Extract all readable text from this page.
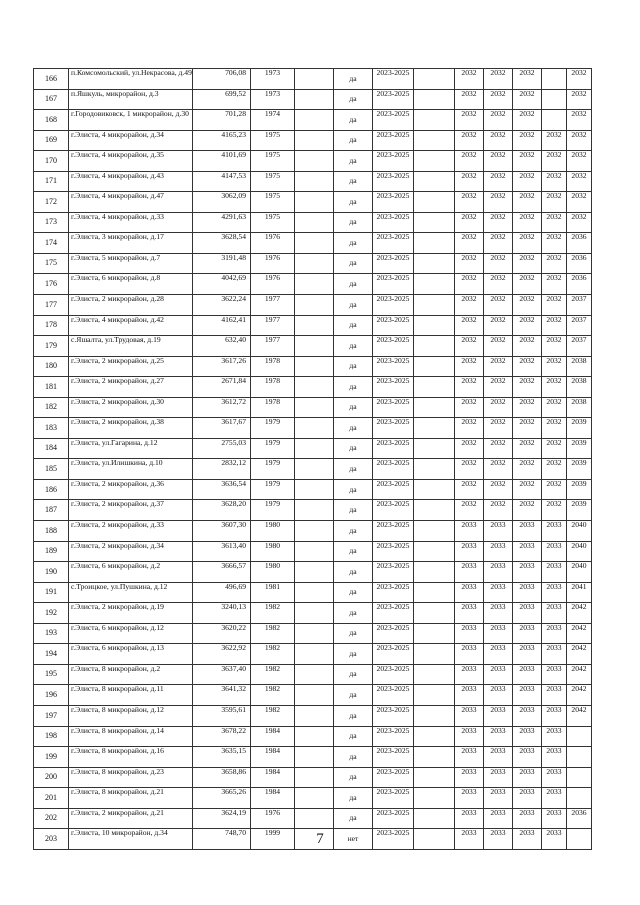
166	п.Комсомольский, ул.Некрасова, д.49	706,08	1973		да	2023-2025		2032	2032	2032		2032
167	п.Яшкуль, микрорайон, д.3	699,52	1973		да	2023-2025		2032	2032	2032		2032
168	г.Городовиковск, 1 микрорайон, д.30	701,28	1974		да	2023-2025		2032	2032	2032		2032
169	г.Элиста, 4 микрорайон, д.34	4165,23	1975		да	2023-2025		2032	2032	2032	2032	2032
170	г.Элиста, 4 микрорайон, д.35	4101,69	1975		да	2023-2025		2032	2032	2032	2032	2032
171	г.Элиста, 4 микрорайон, д.43	4147,53	1975		да	2023-2025		2032	2032	2032	2032	2032
172	г.Элиста, 4 микрорайон, д.47	3062,09	1975		да	2023-2025		2032	2032	2032	2032	2032
173	г.Элиста, 4 микрорайон, д.33	4291,63	1975		да	2023-2025		2032	2032	2032	2032	2032
174	г.Элиста, 3 микрорайон, д.17	3628,54	1976		да	2023-2025		2032	2032	2032	2032	2036
175	г.Элиста, 5 микрорайон, д.7	3191,48	1976		да	2023-2025		2032	2032	2032	2032	2036
176	г.Элиста, 6 микрорайон, д.8	4042,69	1976		да	2023-2025		2032	2032	2032	2032	2036
177	г.Элиста, 2 микрорайон, д.28	3622,24	1977		да	2023-2025		2032	2032	2032	2032	2037
178	г.Элиста, 4 микрорайон, д.42	4162,41	1977		да	2023-2025		2032	2032	2032	2032	2037
179	с.Яшалта, ул.Трудовая, д.19	632,40	1977		да	2023-2025		2032	2032	2032	2032	2037
180	г.Элиста, 2 микрорайон, д.25	3617,26	1978		да	2023-2025		2032	2032	2032	2032	2038
181	г.Элиста, 2 микрорайон, д.27	2671,84	1978		да	2023-2025		2032	2032	2032	2032	2038
182	г.Элиста, 2 микрорайон, д.30	3612,72	1978		да	2023-2025		2032	2032	2032	2032	2038
183	г.Элиста, 2 микрорайон, д.38	3617,67	1979		да	2023-2025		2032	2032	2032	2032	2039
184	г.Элиста, ул.Гагарина, д.12	2755,03	1979		да	2023-2025		2032	2032	2032	2032	2039
185	г.Элиста, ул.Илишкина, д.10	2832,12	1979		да	2023-2025		2032	2032	2032	2032	2039
186	г.Элиста, 2 микрорайон, д.36	3636,54	1979		да	2023-2025		2032	2032	2032	2032	2039
187	г.Элиста, 2 микрорайон, д.37	3628,20	1979		да	2023-2025		2032	2032	2032	2032	2039
188	г.Элиста, 2 микрорайон, д.33	3607,30	1980		да	2023-2025		2033	2033	2033	2033	2040
189	г.Элиста, 2 микрорайон, д.34	3613,40	1980		да	2023-2025		2033	2033	2033	2033	2040
190	г.Элиста, 6 микрорайон, д.2	3666,57	1980		да	2023-2025		2033	2033	2033	2033	2040
191	с.Троицкое, ул.Пушкина, д.12	496,69	1981		да	2023-2025		2033	2033	2033	2033	2041
192	г.Элиста, 2 микрорайон, д.19	3240,13	1982		да	2023-2025		2033	2033	2033	2033	2042
193	г.Элиста, 6 микрорайон, д.12	3620,22	1982		да	2023-2025		2033	2033	2033	2033	2042
194	г.Элиста, 6 микрорайон, д.13	3622,92	1982		да	2023-2025		2033	2033	2033	2033	2042
195	г.Элиста, 8 микрорайон, д.2	3637,40	1982		да	2023-2025		2033	2033	2033	2033	2042
196	г.Элиста, 8 микрорайон, д.11	3641,32	1982		да	2023-2025		2033	2033	2033	2033	2042
197	г.Элиста, 8 микрорайон, д.12	3595,61	1982		да	2023-2025		2033	2033	2033	2033	2042
198	г.Элиста, 8 микрорайон, д.14	3678,22	1984		да	2023-2025		2033	2033	2033	2033	
199	г.Элиста, 8 микрорайон, д.16	3635,15	1984		да	2023-2025		2033	2033	2033	2033	
200	г.Элиста, 8 микрорайон, д.23	3658,86	1984		да	2023-2025		2033	2033	2033	2033	
201	г.Элиста, 8 микрорайон, д.21	3665,26	1984		да	2023-2025		2033	2033	2033	2033	
202	г.Элиста, 2 микрорайон, д.21	3624,19	1976		да	2023-2025		2033	2033	2033	2033	2036
203	г.Элиста, 10 микрорайон, д.34	748,70	1999		нет	2023-2025		2033	2033	2033	2033	
7
